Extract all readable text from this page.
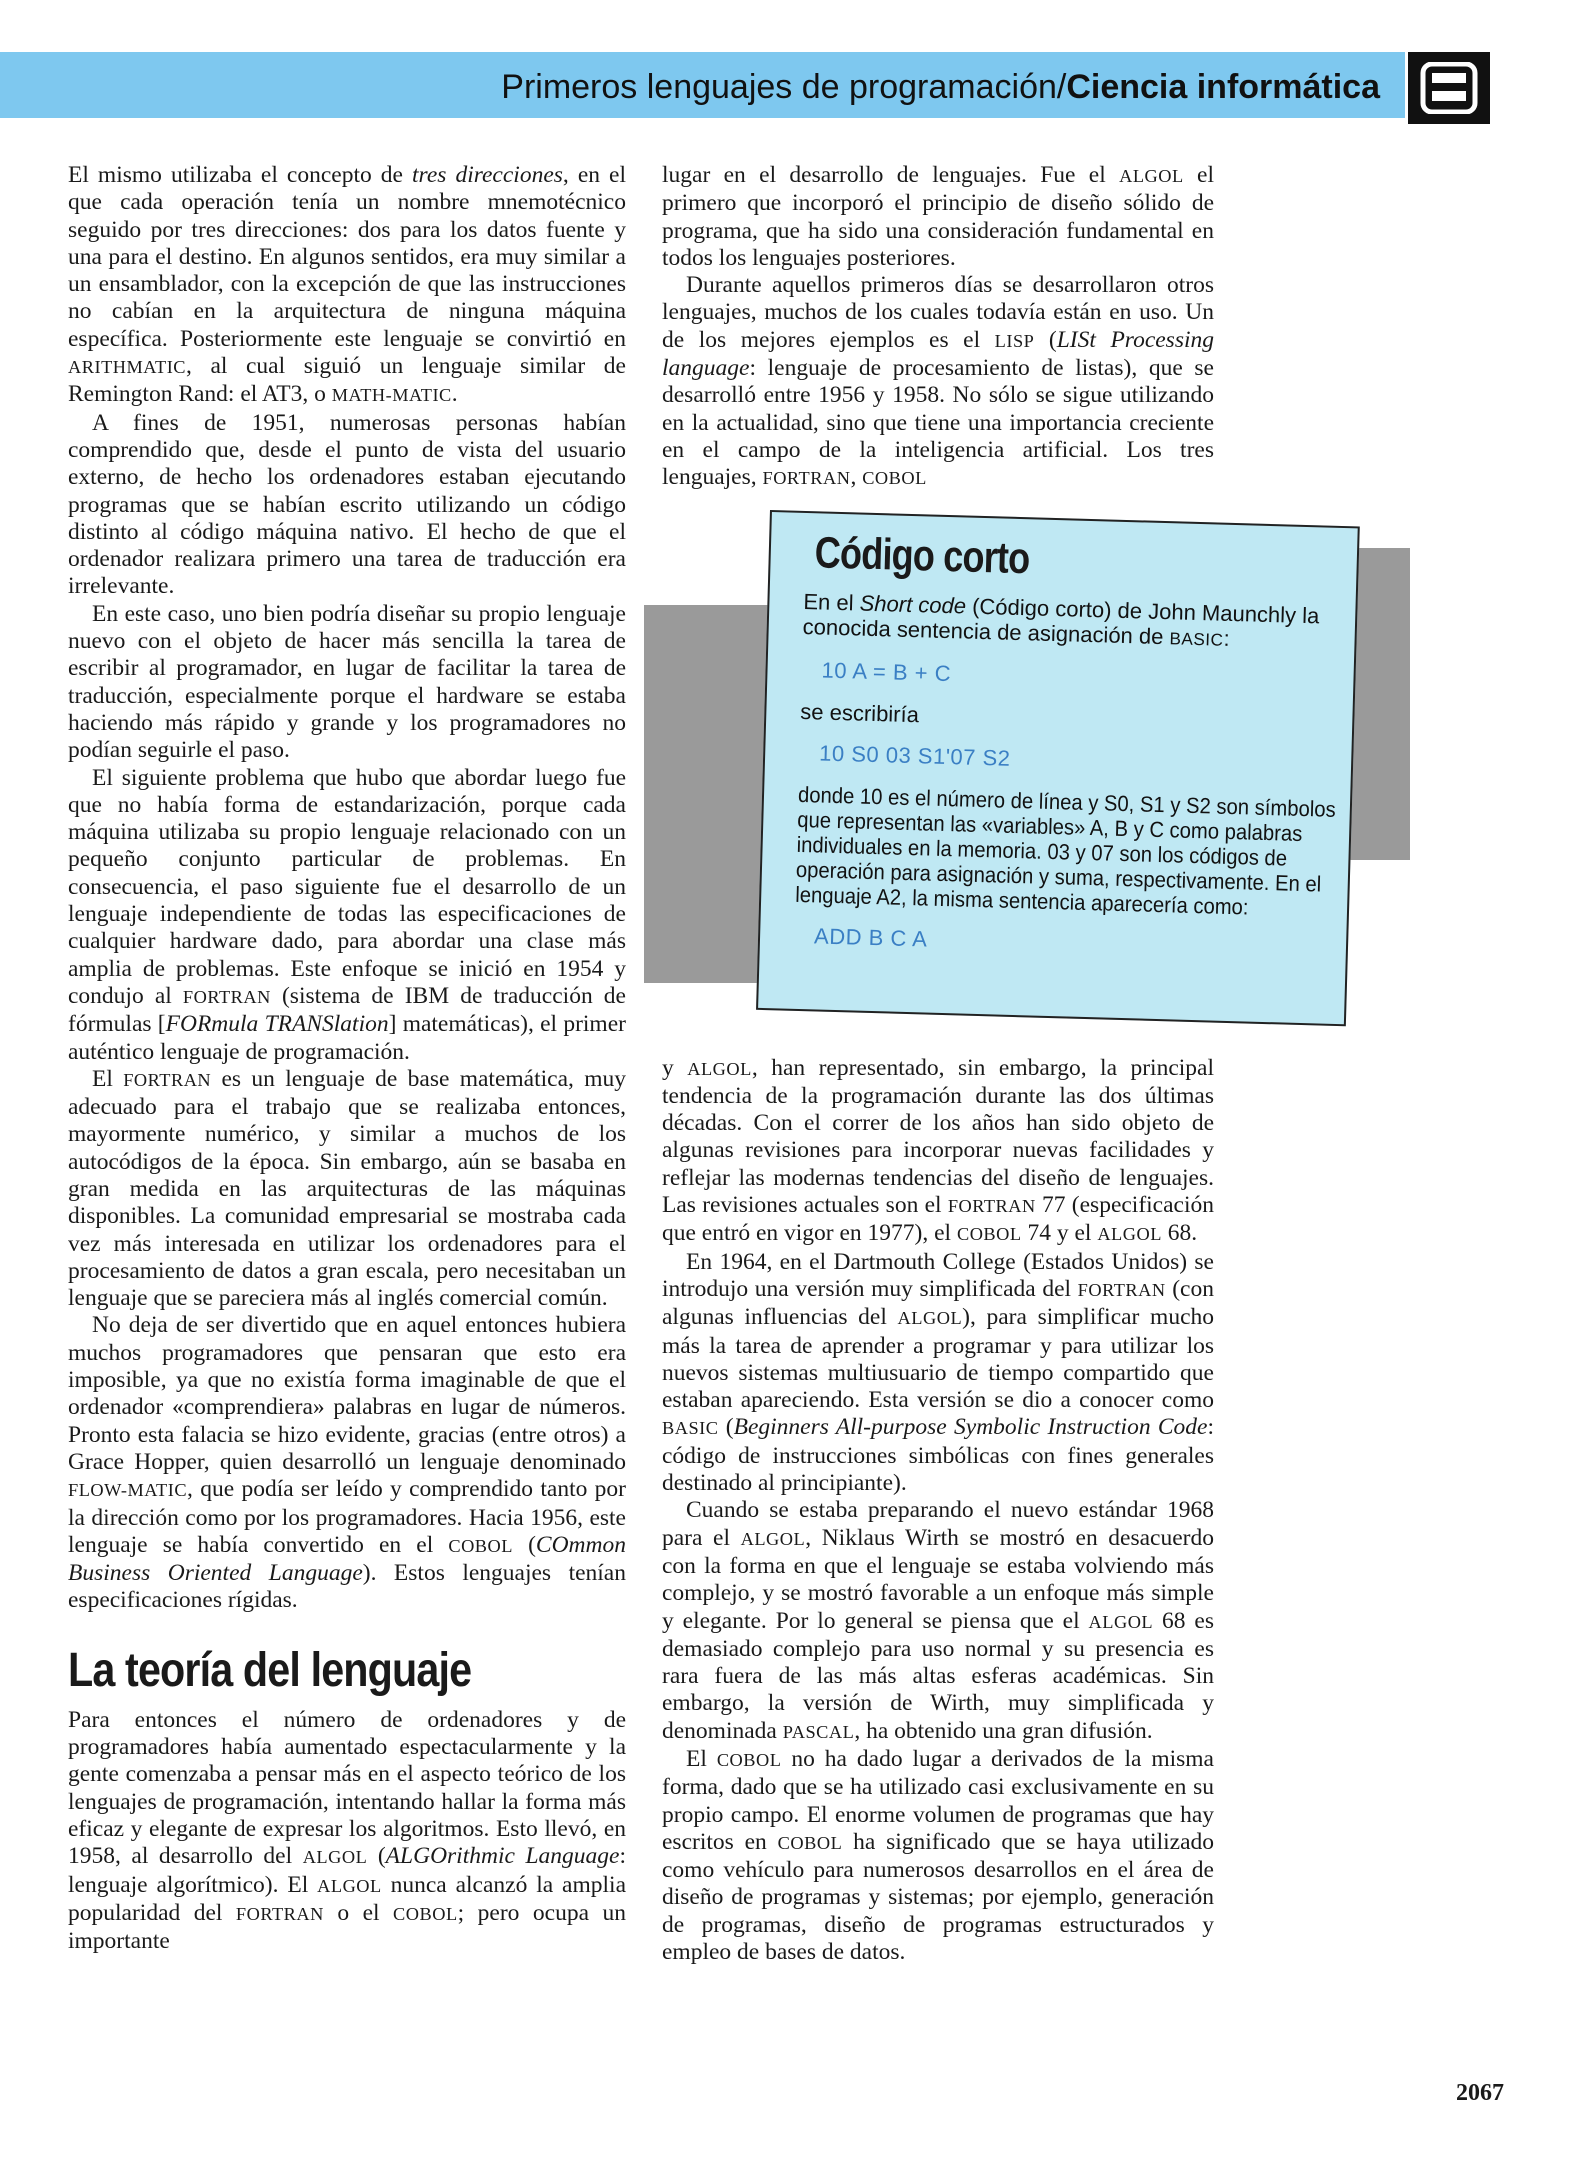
Primeros lenguajes de programación/Ciencia informática

El mismo utilizaba el concepto de tres direcciones, en el que cada operación tenía un nombre mnemotécnico seguido por tres direcciones: dos para los datos fuente y una para el destino. En algunos sentidos, era muy similar a un ensamblador, con la excepción de que las instrucciones no cabían en la arquitectura de ninguna máquina específica. Posteriormente este lenguaje se convirtió en ARITHMATIC, al cual siguió un lenguaje similar de Remington Rand: el AT3, o MATH-MATIC.

A fines de 1951, numerosas personas habían comprendido que, desde el punto de vista del usuario externo, de hecho los ordenadores estaban ejecutando programas que se habían escrito utilizando un código distinto al código máquina nativo. El hecho de que el ordenador realizara primero una tarea de traducción era irrelevante.

En este caso, uno bien podría diseñar su propio lenguaje nuevo con el objeto de hacer más sencilla la tarea de escribir al programador, en lugar de facilitar la tarea de traducción, especialmente porque el hardware se estaba haciendo más rápido y grande y los programadores no podían seguirle el paso.

El siguiente problema que hubo que abordar luego fue que no había forma de estandarización, porque cada máquina utilizaba su propio lenguaje relacionado con un pequeño conjunto particular de problemas. En consecuencia, el paso siguiente fue el desarrollo de un lenguaje independiente de todas las especificaciones de cualquier hardware dado, para abordar una clase más amplia de problemas. Este enfoque se inició en 1954 y condujo al FORTRAN (sistema de IBM de traducción de fórmulas [FORmula TRANSlation] matemáticas), el primer auténtico lenguaje de programación.

El FORTRAN es un lenguaje de base matemática, muy adecuado para el trabajo que se realizaba entonces, mayormente numérico, y similar a muchos de los autocódigos de la época. Sin embargo, aún se basaba en gran medida en las arquitecturas de las máquinas disponibles. La comunidad empresarial se mostraba cada vez más interesada en utilizar los ordenadores para el procesamiento de datos a gran escala, pero necesitaban un lenguaje que se pareciera más al inglés comercial común.

No deja de ser divertido que en aquel entonces hubiera muchos programadores que pensaran que esto era imposible, ya que no existía forma imaginable de que el ordenador «comprendiera» palabras en lugar de números. Pronto esta falacia se hizo evidente, gracias (entre otros) a Grace Hopper, quien desarrolló un lenguaje denominado FLOW-MATIC, que podía ser leído y comprendido tanto por la dirección como por los programadores. Hacia 1956, este lenguaje se había convertido en el COBOL (COmmon Business Oriented Language). Estos lenguajes tenían especificaciones rígidas.

La teoría del lenguaje

Para entonces el número de ordenadores y de programadores había aumentado espectacularmente y la gente comenzaba a pensar más en el aspecto teórico de los lenguajes de programación, intentando hallar la forma más eficaz y elegante de expresar los algoritmos. Esto llevó, en 1958, al desarrollo del ALGOL (ALGOrithmic Language: lenguaje algorítmico). El ALGOL nunca alcanzó la amplia popularidad del FORTRAN o el COBOL; pero ocupa un importante

lugar en el desarrollo de lenguajes. Fue el ALGOL el primero que incorporó el principio de diseño sólido de programa, que ha sido una consideración fundamental en todos los lenguajes posteriores.

Durante aquellos primeros días se desarrollaron otros lenguajes, muchos de los cuales todavía están en uso. Un de los mejores ejemplos es el LISP (LISt Processing language: lenguaje de procesamiento de listas), que se desarrolló entre 1956 y 1958. No sólo se sigue utilizando en la actualidad, sino que tiene una importancia creciente en el campo de la inteligencia artificial. Los tres lenguajes, FORTRAN, COBOL

y ALGOL, han representado, sin embargo, la principal tendencia de la programación durante las dos últimas décadas. Con el correr de los años han sido objeto de algunas revisiones para incorporar nuevas facilidades y reflejar las modernas tendencias del diseño de lenguajes. Las revisiones actuales son el FORTRAN 77 (especificación que entró en vigor en 1977), el COBOL 74 y el ALGOL 68.

En 1964, en el Dartmouth College (Estados Unidos) se introdujo una versión muy simplificada del FORTRAN (con algunas influencias del ALGOL), para simplificar mucho más la tarea de aprender a programar y para utilizar los nuevos sistemas multiusuario de tiempo compartido que estaban apareciendo. Esta versión se dio a conocer como BASIC (Beginners All-purpose Symbolic Instruction Code: código de instrucciones simbólicas con fines generales destinado al principiante).

Cuando se estaba preparando el nuevo estándar 1968 para el ALGOL, Niklaus Wirth se mostró en desacuerdo con la forma en que el lenguaje se estaba volviendo más complejo, y se mostró favorable a un enfoque más simple y elegante. Por lo general se piensa que el ALGOL 68 es demasiado complejo para uso normal y su presencia es rara fuera de las más altas esferas académicas. Sin embargo, la versión de Wirth, muy simplificada y denominada PASCAL, ha obtenido una gran difusión.

El COBOL no ha dado lugar a derivados de la misma forma, dado que se ha utilizado casi exclusivamente en su propio campo. El enorme volumen de programas que hay escritos en COBOL ha significado que se haya utilizado como vehículo para numerosos desarrollos en el área de diseño de programas y sistemas; por ejemplo, generación de programas, diseño de programas estructurados y empleo de bases de datos.

Código corto
En el Short code (Código corto) de John Maunchly la conocida sentencia de asignación de BASIC:
10 A = B + C
se escribiría
10 S0 03 S1'07 S2
donde 10 es el número de línea y S0, S1 y S2 son símbolos que representan las «variables» A, B y C como palabras individuales en la memoria. 03 y 07 son los códigos de operación para asignación y suma, respectivamente. En el lenguaje A2, la misma sentencia aparecería como:
ADD B C A
2067
